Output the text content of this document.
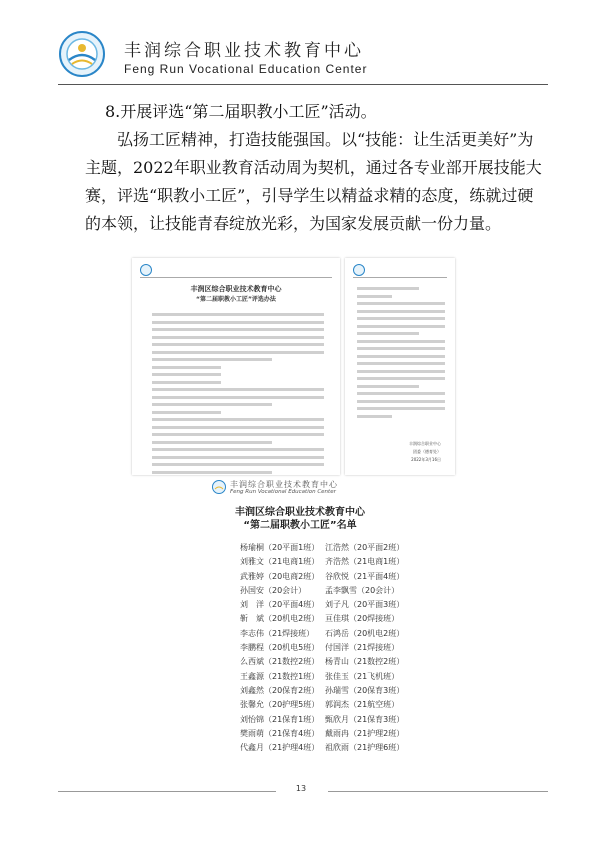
丰润综合职业技术教育中心
Feng Run Vocational Education Center

8.开展评选“第二届职教小工匠”活动。

弘扬工匠精神，打造技能强国。以“技能：让生活更美好”为主题，2022年职业教育活动周为契机，通过各专业部开展技能大赛，评选“职教小工匠”，引导学生以精益求精的态度，练就过硬的本领，让技能青春绽放光彩，为国家发展贡献一份力量。

丰润区综合职业技术教育中心
“第二届职教小工匠”评选办法
丰润综合职业中心
团委（德育处）
2022年3月16日
丰润综合职业技术教育中心
Feng Run Vocational Education Center
丰润区综合职业技术教育中心
“第二届职教小工匠”名单
杨瑜桐（20平面1班）
刘雅文（21电商1班）
武雅婷（20电商2班）
孙国安（20会计）
刘　洋（20平面4班）
靳　斌（20机电2班）
李志伟（21焊接班）
李鹏程（20机电5班）
么西斌（21数控2班）
王鑫源（21数控1班）
刘鑫然（20保育2班）
张馨允（20护理5班）
刘怡锦（21保育1班）
樊雨萌（21保育4班）
代鑫月（21护理4班）
江浩然（20平面2班）
齐浩然（21电商1班）
谷欣悦（21平面4班）
孟李飘雪（20会计）
刘子凡（20平面3班）
亘佳琪（20焊接班）
石鸿岳（20机电2班）
付国洋（21焊接班）
杨青山（21数控2班）
张佳玉（21飞机班）
孙瑞雪（20保育3班）
郭润杰（21航空班）
甄欣月（21保育3班）
戴雨冉（21护理2班）
祖欣雨（21护理6班）
13
